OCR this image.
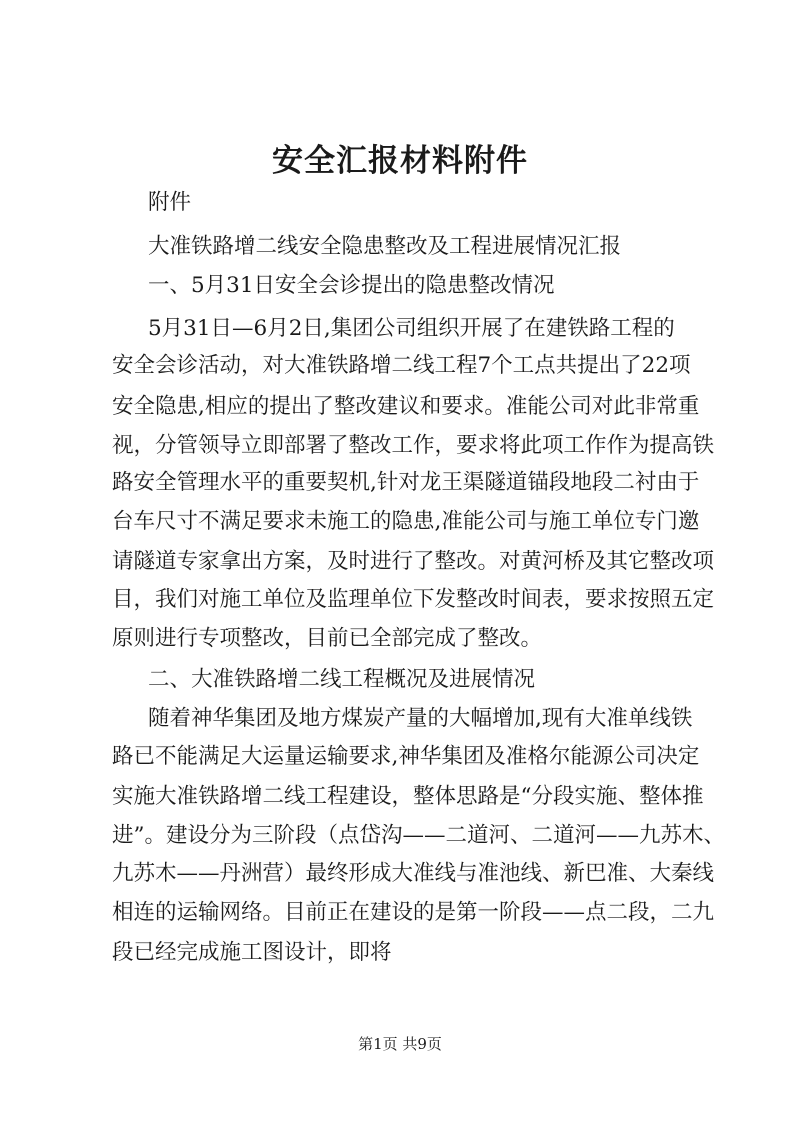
安全汇报材料附件
附件
大准铁路增二线安全隐患整改及工程进展情况汇报
一、5月31日安全会诊提出的隐患整改情况
5月31日—6月2日,集团公司组织开展了在建铁路工程的
安全会诊活动，对大准铁路增二线工程7个工点共提出了22项
安全隐患,相应的提出了整改建议和要求。准能公司对此非常重
视，分管领导立即部署了整改工作，要求将此项工作作为提高铁
路安全管理水平的重要契机,针对龙王渠隧道锚段地段二衬由于
台车尺寸不满足要求未施工的隐患,准能公司与施工单位专门邀
请隧道专家拿出方案，及时进行了整改。对黄河桥及其它整改项
目，我们对施工单位及监理单位下发整改时间表，要求按照五定
原则进行专项整改，目前已全部完成了整改。
二、大准铁路增二线工程概况及进展情况
随着神华集团及地方煤炭产量的大幅增加,现有大准单线铁
路已不能满足大运量运输要求,神华集团及准格尔能源公司决定
实施大准铁路增二线工程建设，整体思路是“分段实施、整体推
进”。建设分为三阶段（点岱沟——二道河、二道河——九苏木、
九苏木——丹洲营）最终形成大准线与准池线、新巴准、大秦线
相连的运输网络。目前正在建设的是第一阶段——点二段，二九
段已经完成施工图设计，即将
第1页 共9页
